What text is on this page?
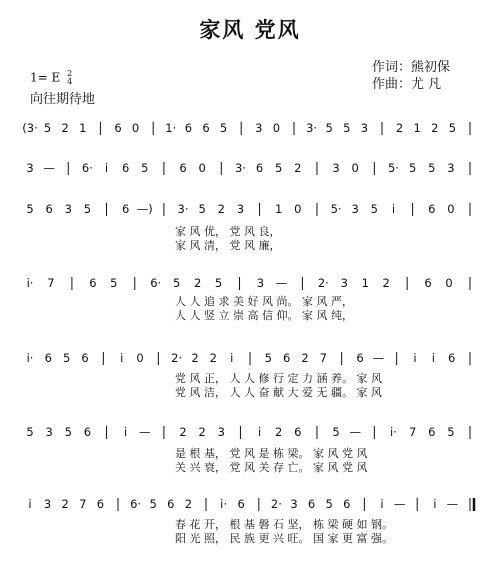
家风 党风
作词：熊初保
作曲：尤 凡
1= E 2
4
向往期待地
(3· 5 2 1 6 0 1· 6 6 5 3 0 3· 5 5 3 2 1 2 5
3 — 6· i 6 5	6 0	3· 6 5 2	3 0	5· 5 5 3
5 6 3 5	6 —) 3· 5 2 3	1 0	5· 3 5 i	6 0
家 风 优， 党 风 良，
家 风 清， 党 风 廉，
i· 7	6 5	6· 5 2 5	3 —	2· 3 1 2	6 0
人 人 追 求 美 好 风 尚。 家 风 严，
人 人 竖 立 崇 高 信 仰。 家 风 纯，
i· 6 5 6	i 0 2· 2 2 i	5 6 2 7	6 —	i i 6
党 风 正， 人 人 修 行 定 力 涵 养。 家 风
党 风 洁， 人 人 奋 献 大 爱 无 疆。 家 风
5 3 5 6	i —	2 2 3	i 2 6	5 —	i· 7 6 5
是 根 基， 党 风 是 栋 梁。 家 风 党 风
关 兴 衰， 党 风 关 存 亡。 家 风 党 风
i 3 2 7 6 6· 5 6 2 i· 6 2· 3 6 5 6	i — i —
春 花 开， 根 基 磐 石 坚， 栋 梁 硬 如 钢。
阳 光 照， 民 族 更 兴 旺。 国 家 更 富 强。
